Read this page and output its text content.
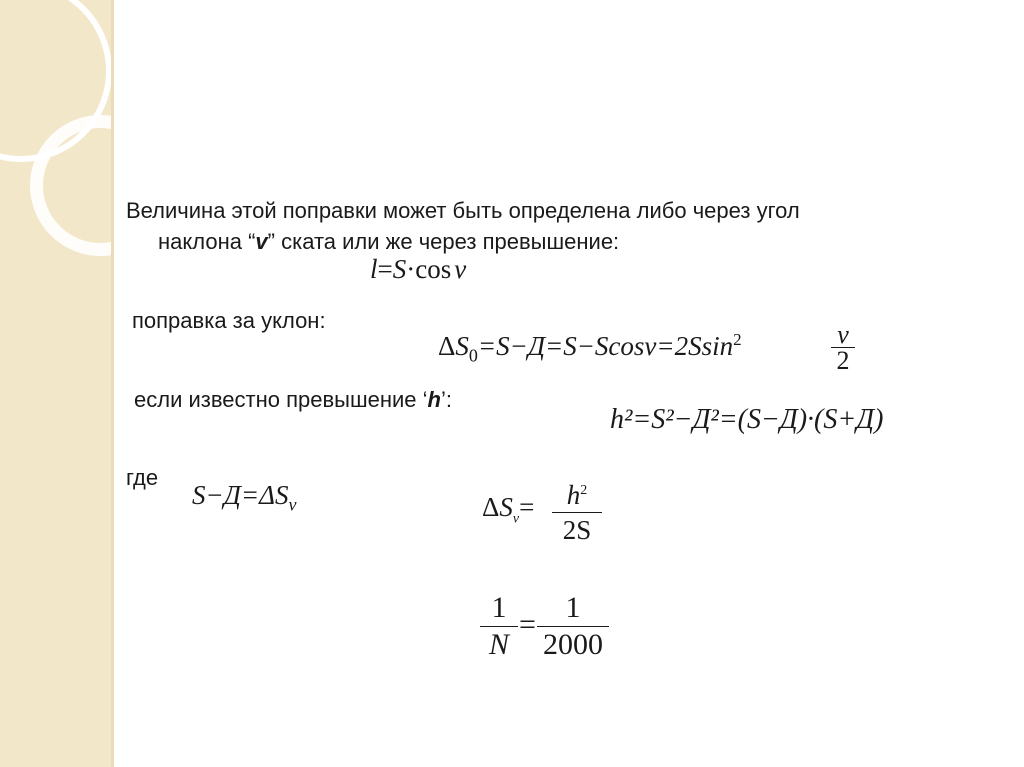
Величина этой поправки может быть определена либо через угол
наклона “v” ската или же через превышение:
l=S·cos v
поправка за уклон:
$\Delta S_0=S-Д=S-Scosv=2Ssin^2$	v
2
если известно превышение ‘h’:
h²=S²−Д²=(S−Д)·(S+Д)
где
$S-Д=\Delta S_v$	$\Delta S_v=$	$h^2$
2S
1
N
=
1
2000
